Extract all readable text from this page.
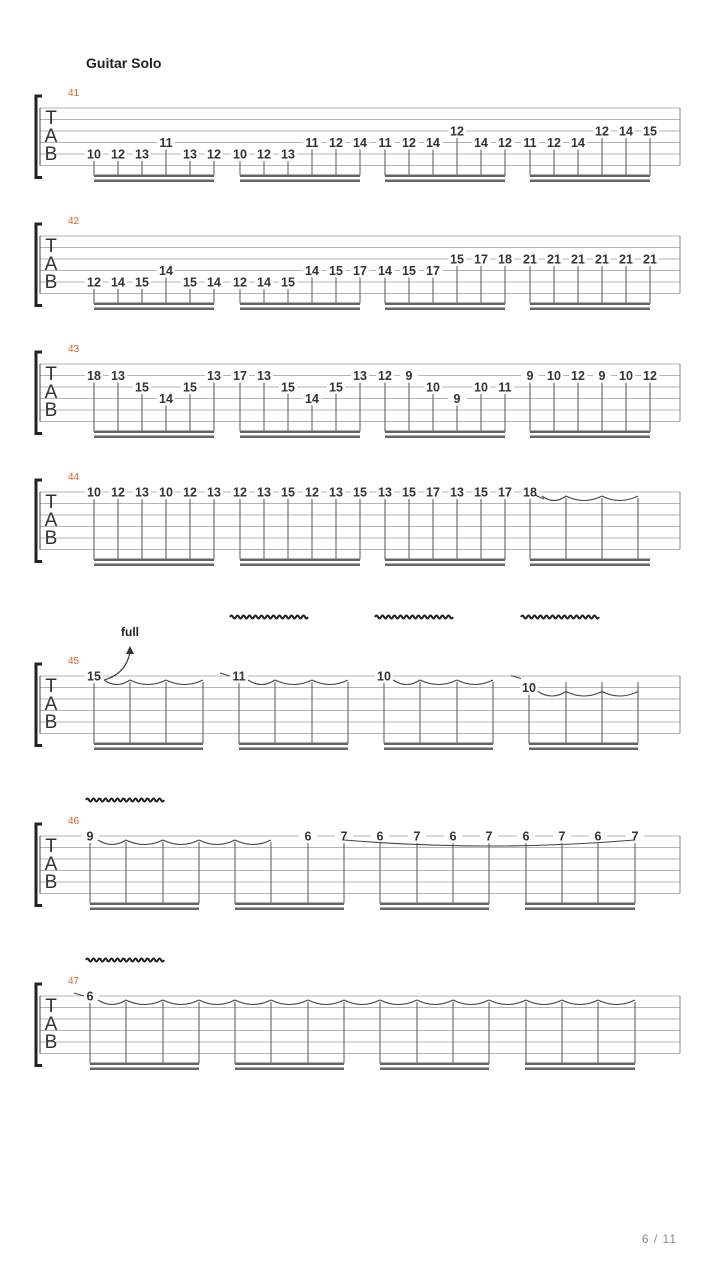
Guitar Solo
41
T
A
B 10 12 13
11
13 12 10 12 13
11 12 14 11 12 14
12
14 12 11 12 14
12 14 15
42
T
A
B 12 14 15
14
15 14 12 14 15
14 15 17 14 15 17
15 17 18 21 21 21 21 21 21
43
T
A
B
18 13
15
14
15
13 17 13
15
14
15
13 12 9
10
9
10 11
9 10 12 9 10 12
44
T
A
B
10 12 13 10 12 13 12 13 15 12 13 15 13 15 17 13 15 17 18
45
T
A
B
15	11	10
10
46
T
A
B
9	6 7 6 7 6 7 6 7 6 7
47
T
A
B
6
full
6 / 11
